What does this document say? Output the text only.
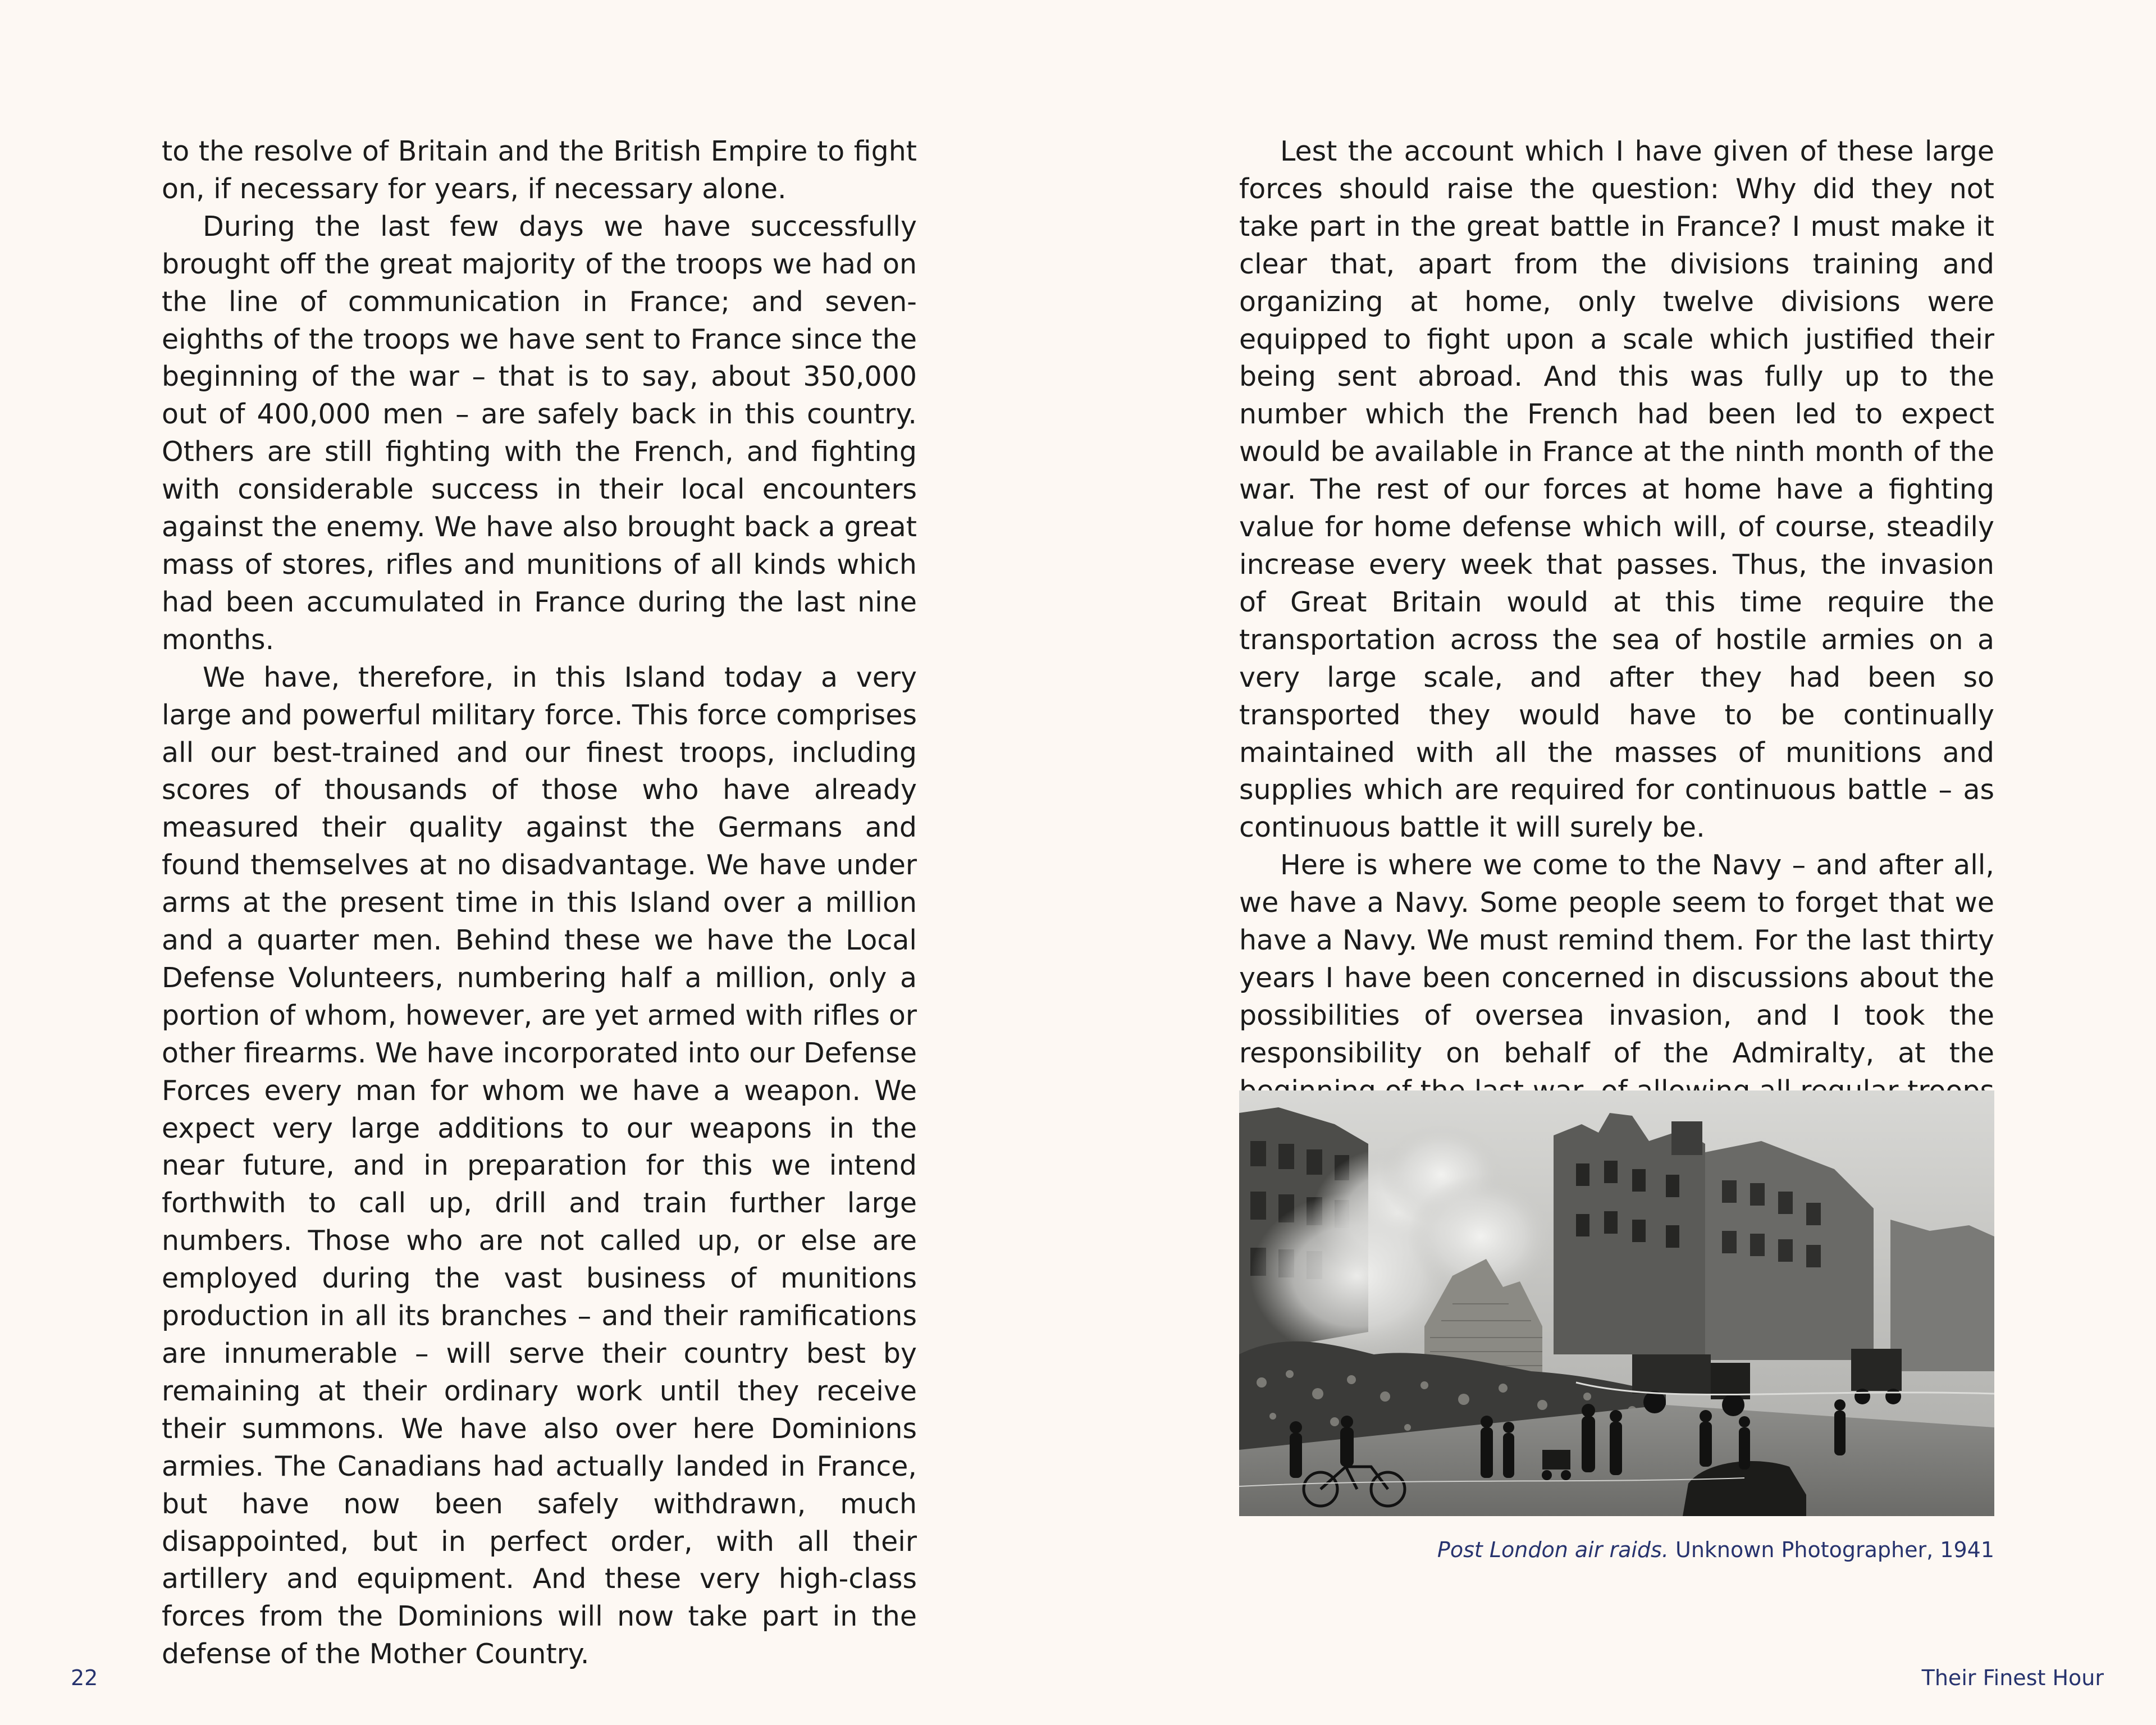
to the resolve of Britain and the British Empire to fight on, if necessary for years, if necessary alone.

During the last few days we have successfully brought off the great majority of the troops we had on the line of communication in France; and seven-eighths of the troops we have sent to France since the beginning of the war – that is to say, about 350,000 out of 400,000 men – are safely back in this country. Others are still fighting with the French, and fighting with considerable success in their local encounters against the enemy. We have also brought back a great mass of stores, rifles and munitions of all kinds which had been accumulated in France during the last nine months.

We have, therefore, in this Island today a very large and powerful military force. This force comprises all our best-trained and our finest troops, including scores of thousands of those who have already measured their quality against the Germans and found themselves at no disadvantage. We have under arms at the present time in this Island over a million and a quarter men. Behind these we have the Local Defense Volunteers, numbering half a million, only a portion of whom, however, are yet armed with rifles or other firearms. We have incorporated into our Defense Forces every man for whom we have a weapon. We expect very large additions to our weapons in the near future, and in preparation for this we intend forthwith to call up, drill and train further large numbers. Those who are not called up, or else are employed during the vast business of munitions production in all its branches – and their ramifications are innumerable – will serve their country best by remaining at their ordinary work until they receive their summons. We have also over here Dominions armies. The Canadians had actually landed in France, but have now been safely withdrawn, much disappointed, but in perfect order, with all their artillery and equipment. And these very high-class forces from the Dominions will now take part in the defense of the Mother Country.

Lest the account which I have given of these large forces should raise the question: Why did they not take part in the great battle in France? I must make it clear that, apart from the divisions training and organizing at home, only twelve divisions were equipped to fight upon a scale which justified their being sent abroad. And this was fully up to the number which the French had been led to expect would be available in France at the ninth month of the war. The rest of our forces at home have a fighting value for home defense which will, of course, steadily increase every week that passes. Thus, the invasion of Great Britain would at this time require the transportation across the sea of hostile armies on a very large scale, and after they had been so transported they would have to be continually maintained with all the masses of munitions and supplies which are required for continuous battle – as continuous battle it will surely be.

Here is where we come to the Navy – and after all, we have a Navy. Some people seem to forget that we have a Navy. We must remind them. For the last thirty years I have been concerned in discussions about the possibilities of oversea invasion, and I took the responsibility on behalf of the Admiralty, at the

Post London air raids. Unknown Photographer, 1941
22	Their Finest Hour
